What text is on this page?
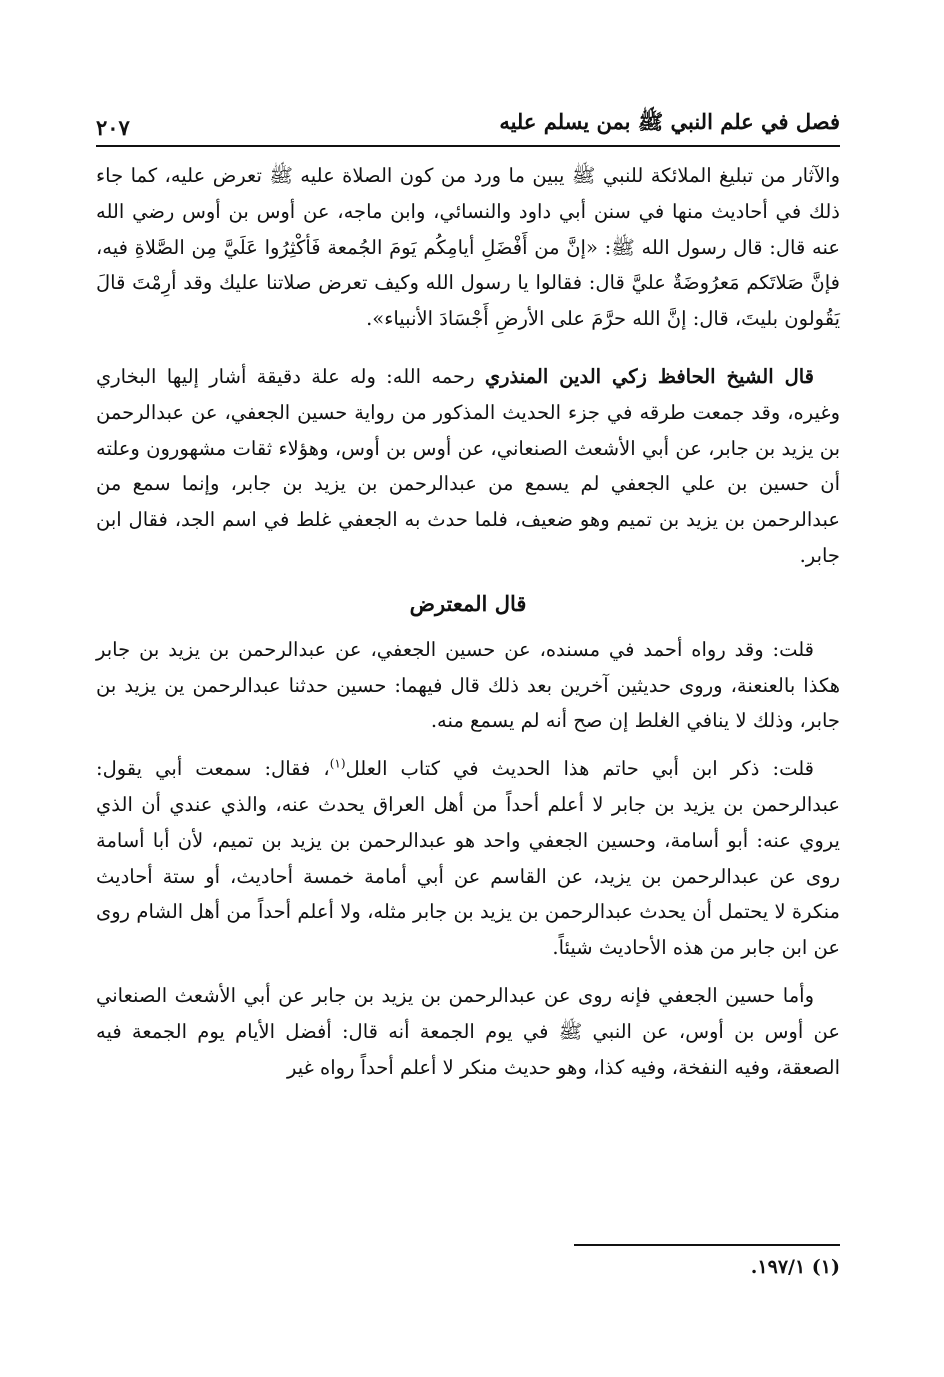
فصل في علم النبي ﷺ بمن يسلم عليه
٢٠٧

والآثار من تبليغ الملائكة للنبي ﷺ يبين ما ورد من كون الصلاة عليه ﷺ تعرض عليه، كما جاء ذلك في أحاديث منها في سنن أبي داود والنسائي، وابن ماجه، عن أوس بن أوس رضي الله عنه قال: قال رسول الله ﷺ: «إنَّ من أَفْضَلِ أيامِكُم يَومَ الجُمعة فَأكْثِرُوا عَلَيَّ مِن الصَّلاةِ فيه، فإنَّ صَلاتَكم مَعرُوضَةٌ عليَّ قال: فقالوا يا رسول الله وكيف تعرض صلاتنا عليك وقد أرِمْتَ قالَ يَقُولون بليتَ، قال: إنَّ الله حرَّمَ على الأرضِ أَجْسَادَ الأنبياء».

قال الشيخ الحافظ زكي الدين المنذري رحمه الله: وله علة دقيقة أشار إليها البخاري وغيره، وقد جمعت طرقه في جزء الحديث المذكور من رواية حسين الجعفي، عن عبدالرحمن بن يزيد بن جابر، عن أبي الأشعث الصنعاني، عن أوس بن أوس، وهؤلاء ثقات مشهورون وعلته أن حسين بن علي الجعفي لم يسمع من عبدالرحمن بن يزيد بن جابر، وإنما سمع من عبدالرحمن بن يزيد بن تميم وهو ضعيف، فلما حدث به الجعفي غلط في اسم الجد، فقال ابن جابر.

قال المعترض

قلت: وقد رواه أحمد في مسنده، عن حسين الجعفي، عن عبدالرحمن بن يزيد بن جابر هكذا بالعنعنة، وروى حديثين آخرين بعد ذلك قال فيهما: حسين حدثنا عبدالرحمن ين يزيد بن جابر، وذلك لا ينافي الغلط إن صح أنه لم يسمع منه.

قلت: ذكر ابن أبي حاتم هذا الحديث في كتاب العلل$^{(١)}$، فقال: سمعت أبي يقول: عبدالرحمن بن يزيد بن جابر لا أعلم أحداً من أهل العراق يحدث عنه، والذي عندي أن الذي يروي عنه: أبو أسامة، وحسين الجعفي واحد هو عبدالرحمن بن يزيد بن تميم، لأن أبا أسامة روى عن عبدالرحمن بن يزيد، عن القاسم عن أبي أمامة خمسة أحاديث، أو ستة أحاديث منكرة لا يحتمل أن يحدث عبدالرحمن بن يزيد بن جابر مثله، ولا أعلم أحداً من أهل الشام روى عن ابن جابر من هذه الأحاديث شيئاً.

وأما حسين الجعفي فإنه روى عن عبدالرحمن بن يزيد بن جابر عن أبي الأشعث الصنعاني عن أوس بن أوس، عن النبي ﷺ في يوم الجمعة أنه قال: أفضل الأيام يوم الجمعة فيه الصعقة، وفيه النفخة، وفيه كذا، وهو حديث منكر لا أعلم أحداً رواه غير

(١) ١٩٧/١.
